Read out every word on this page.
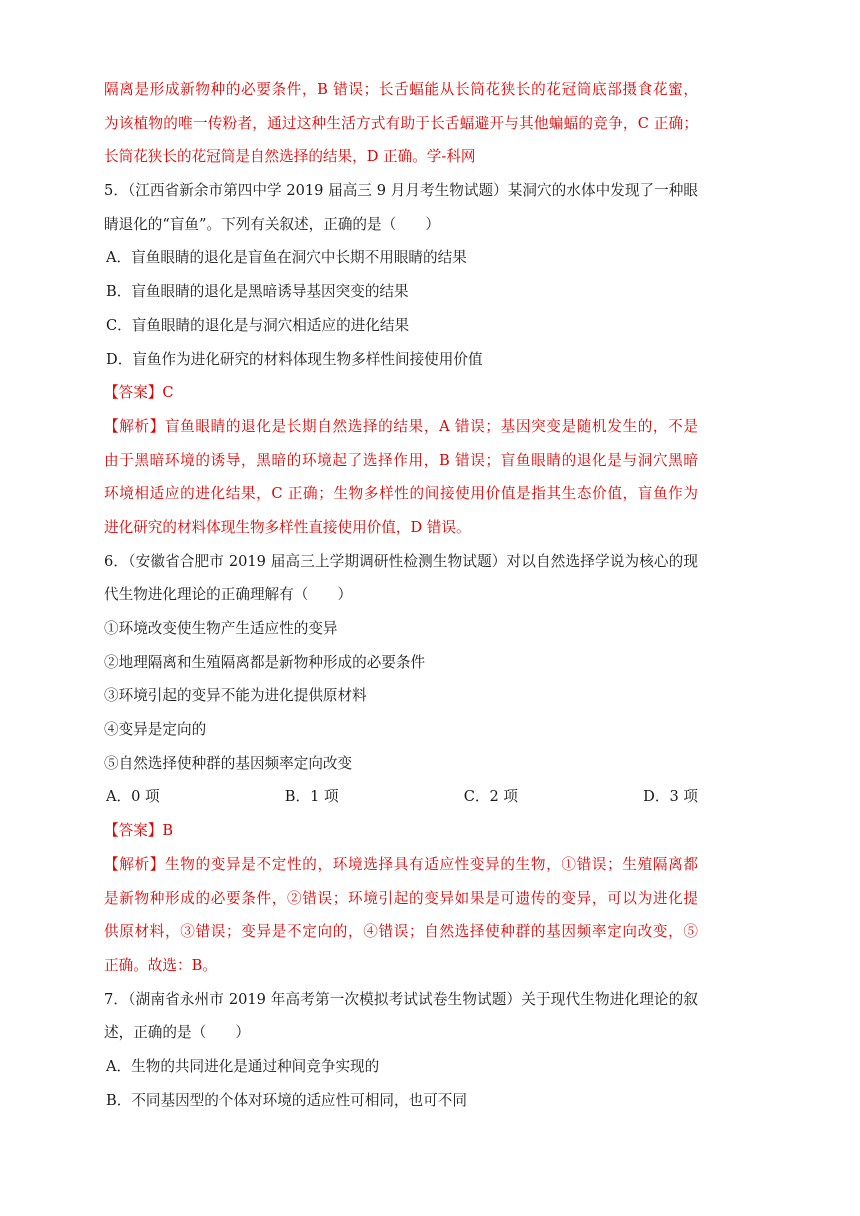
隔离是形成新物种的必要条件，B 错误；长舌蝠能从长筒花狭长的花冠筒底部摄食花蜜，
为该植物的唯一传粉者，通过这种生活方式有助于长舌蝠避开与其他蝙蝠的竞争，C 正确；
长筒花狭长的花冠筒是自然选择的结果，D 正确。学-科网
5．（江西省新余市第四中学 2019 届高三 9 月月考生物试题）某洞穴的水体中发现了一种眼
睛退化的“盲鱼”。下列有关叙述，正确的是（　　）
A．盲鱼眼睛的退化是盲鱼在洞穴中长期不用眼睛的结果
B．盲鱼眼睛的退化是黑暗诱导基因突变的结果
C．盲鱼眼睛的退化是与洞穴相适应的进化结果
D．盲鱼作为进化研究的材料体现生物多样性间接使用价值
【答案】C
【解析】盲鱼眼睛的退化是长期自然选择的结果，A 错误；基因突变是随机发生的，不是
由于黑暗环境的诱导，黑暗的环境起了选择作用，B 错误；盲鱼眼睛的退化是与洞穴黑暗
环境相适应的进化结果，C 正确；生物多样性的间接使用价值是指其生态价值，盲鱼作为
进化研究的材料体现生物多样性直接使用价值，D 错误。
6．（安徽省合肥市 2019 届高三上学期调研性检测生物试题）对以自然选择学说为核心的现
代生物进化理论的正确理解有（　　）
①环境改变使生物产生适应性的变异
②地理隔离和生殖隔离都是新物种形成的必要条件
③环境引起的变异不能为进化提供原材料
④变异是定向的
⑤自然选择使种群的基因频率定向改变
A．0 项	B．1 项	C．2 项	D．3 项
【答案】B
【解析】生物的变异是不定性的，环境选择具有适应性变异的生物，①错误；生殖隔离都
是新物种形成的必要条件，②错误；环境引起的变异如果是可遗传的变异，可以为进化提
供原材料，③错误；变异是不定向的，④错误；自然选择使种群的基因频率定向改变，⑤
正确。故选：B。
7．（湖南省永州市 2019 年高考第一次模拟考试试卷生物试题）关于现代生物进化理论的叙
述，正确的是（　　）
A．生物的共同进化是通过种间竞争实现的
B．不同基因型的个体对环境的适应性可相同，也可不同
